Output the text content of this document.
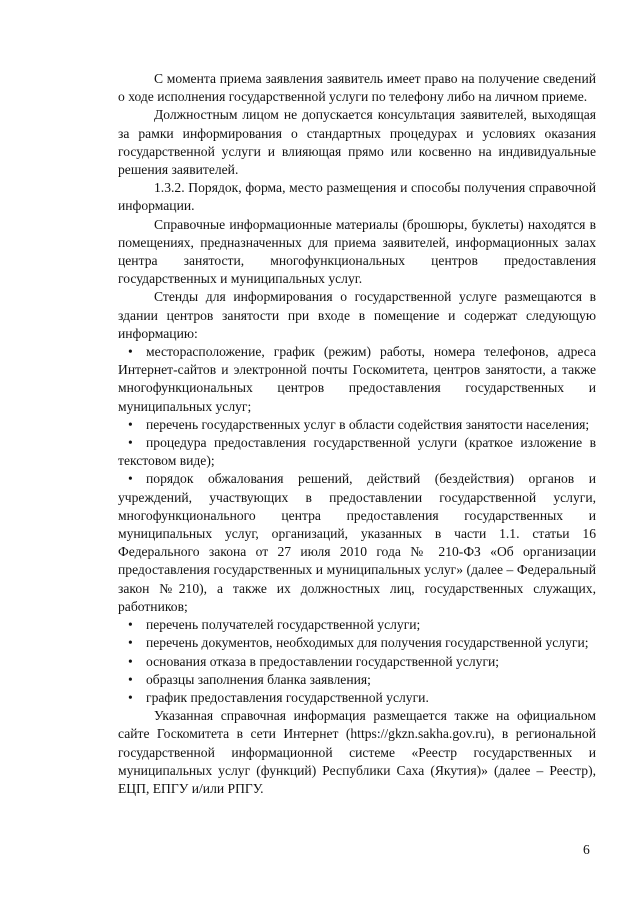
С момента приема заявления заявитель имеет право на получение сведений о ходе исполнения государственной услуги по телефону либо на личном приеме.

Должностным лицом не допускается консультация заявителей, выходящая за рамки информирования о стандартных процедурах и условиях оказания государственной услуги и влияющая прямо или косвенно на индивидуальные решения заявителей.

1.3.2. Порядок, форма, место размещения и способы получения справочной информации.

Справочные информационные материалы (брошюры, буклеты) находятся в помещениях, предназначенных для приема заявителей, информационных залах центра занятости, многофункциональных центров предоставления государственных и муниципальных услуг.

Стенды для информирования о государственной услуге размещаются в здании центров занятости при входе в помещение и содержат следующую информацию:

• месторасположение, график (режим) работы, номера телефонов, адреса Интернет-сайтов и электронной почты Госкомитета, центров занятости, а также многофункциональных центров предоставления государственных и муниципальных услуг;

• перечень государственных услуг в области содействия занятости населения;

• процедура предоставления государственной услуги (краткое изложение в текстовом виде);

• порядок обжалования решений, действий (бездействия) органов и учреждений, участвующих в предоставлении государственной услуги, многофункционального центра предоставления государственных и муниципальных услуг, организаций, указанных в части 1.1. статьи 16 Федерального закона от 27 июля 2010 года № 210-ФЗ «Об организации предоставления государственных и муниципальных услуг» (далее – Федеральный закон №210), а также их должностных лиц, государственных служащих, работников;

• перечень получателей государственной услуги;

• перечень документов, необходимых для получения государственной услуги;

• основания отказа в предоставлении государственной услуги;

• образцы заполнения бланка заявления;

• график предоставления государственной услуги.

Указанная справочная информация размещается также на официальном сайте Госкомитета в сети Интернет (https://gkzn.sakha.gov.ru), в региональной государственной информационной системе «Реестр государственных и муниципальных услуг (функций) Республики Саха (Якутия)» (далее – Реестр), ЕЦП, ЕПГУ и/или РПГУ.

6
